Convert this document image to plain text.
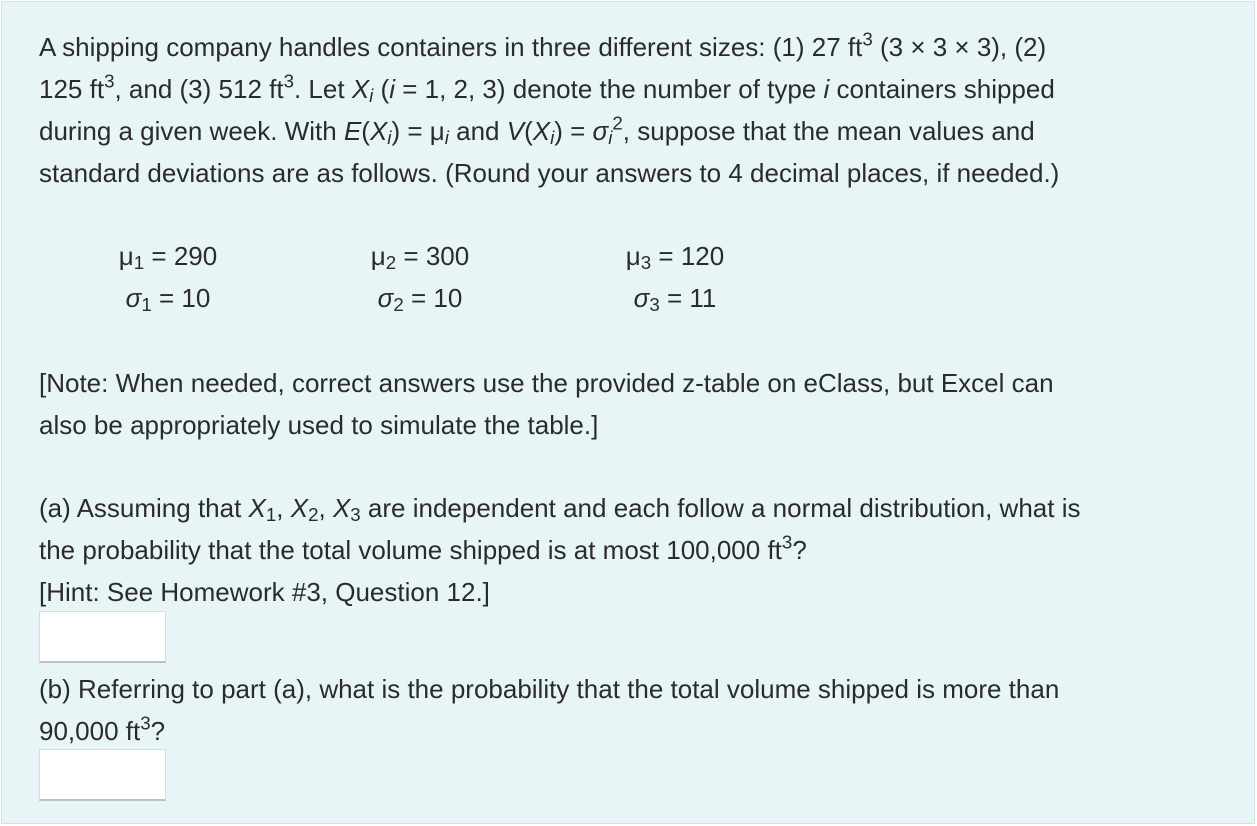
A shipping company handles containers in three different sizes: (1) 27 $ft^3$ (3 × 3 × 3), (2)
125 $ft^3$, and (3) 512 $ft^3$. Let $X_i$ (i = 1, 2, 3) denote the number of type i containers shipped
during a given week. With $E(X_i) = \mu_i$ and $V(X_i) = \sigma_i^2$, suppose that the mean values and
standard deviations are as follows. (Round your answers to 4 decimal places, if needed.)
$\mu_1 = 290$
$\sigma_1 = 10$
$\mu_2 = 300$
$\sigma_2 = 10$
$\mu_3 = 120$
$\sigma_3 = 11$
[Note: When needed, correct answers use the provided z-table on eClass, but Excel can
also be appropriately used to simulate the table.]
(a) Assuming that $X_1$, $X_2$, $X_3$ are independent and each follow a normal distribution, what is
the probability that the total volume shipped is at most 100,000 $ft^3$?
[Hint: See Homework #3, Question 12.]
(b) Referring to part (a), what is the probability that the total volume shipped is more than
90,000 $ft^3$?
